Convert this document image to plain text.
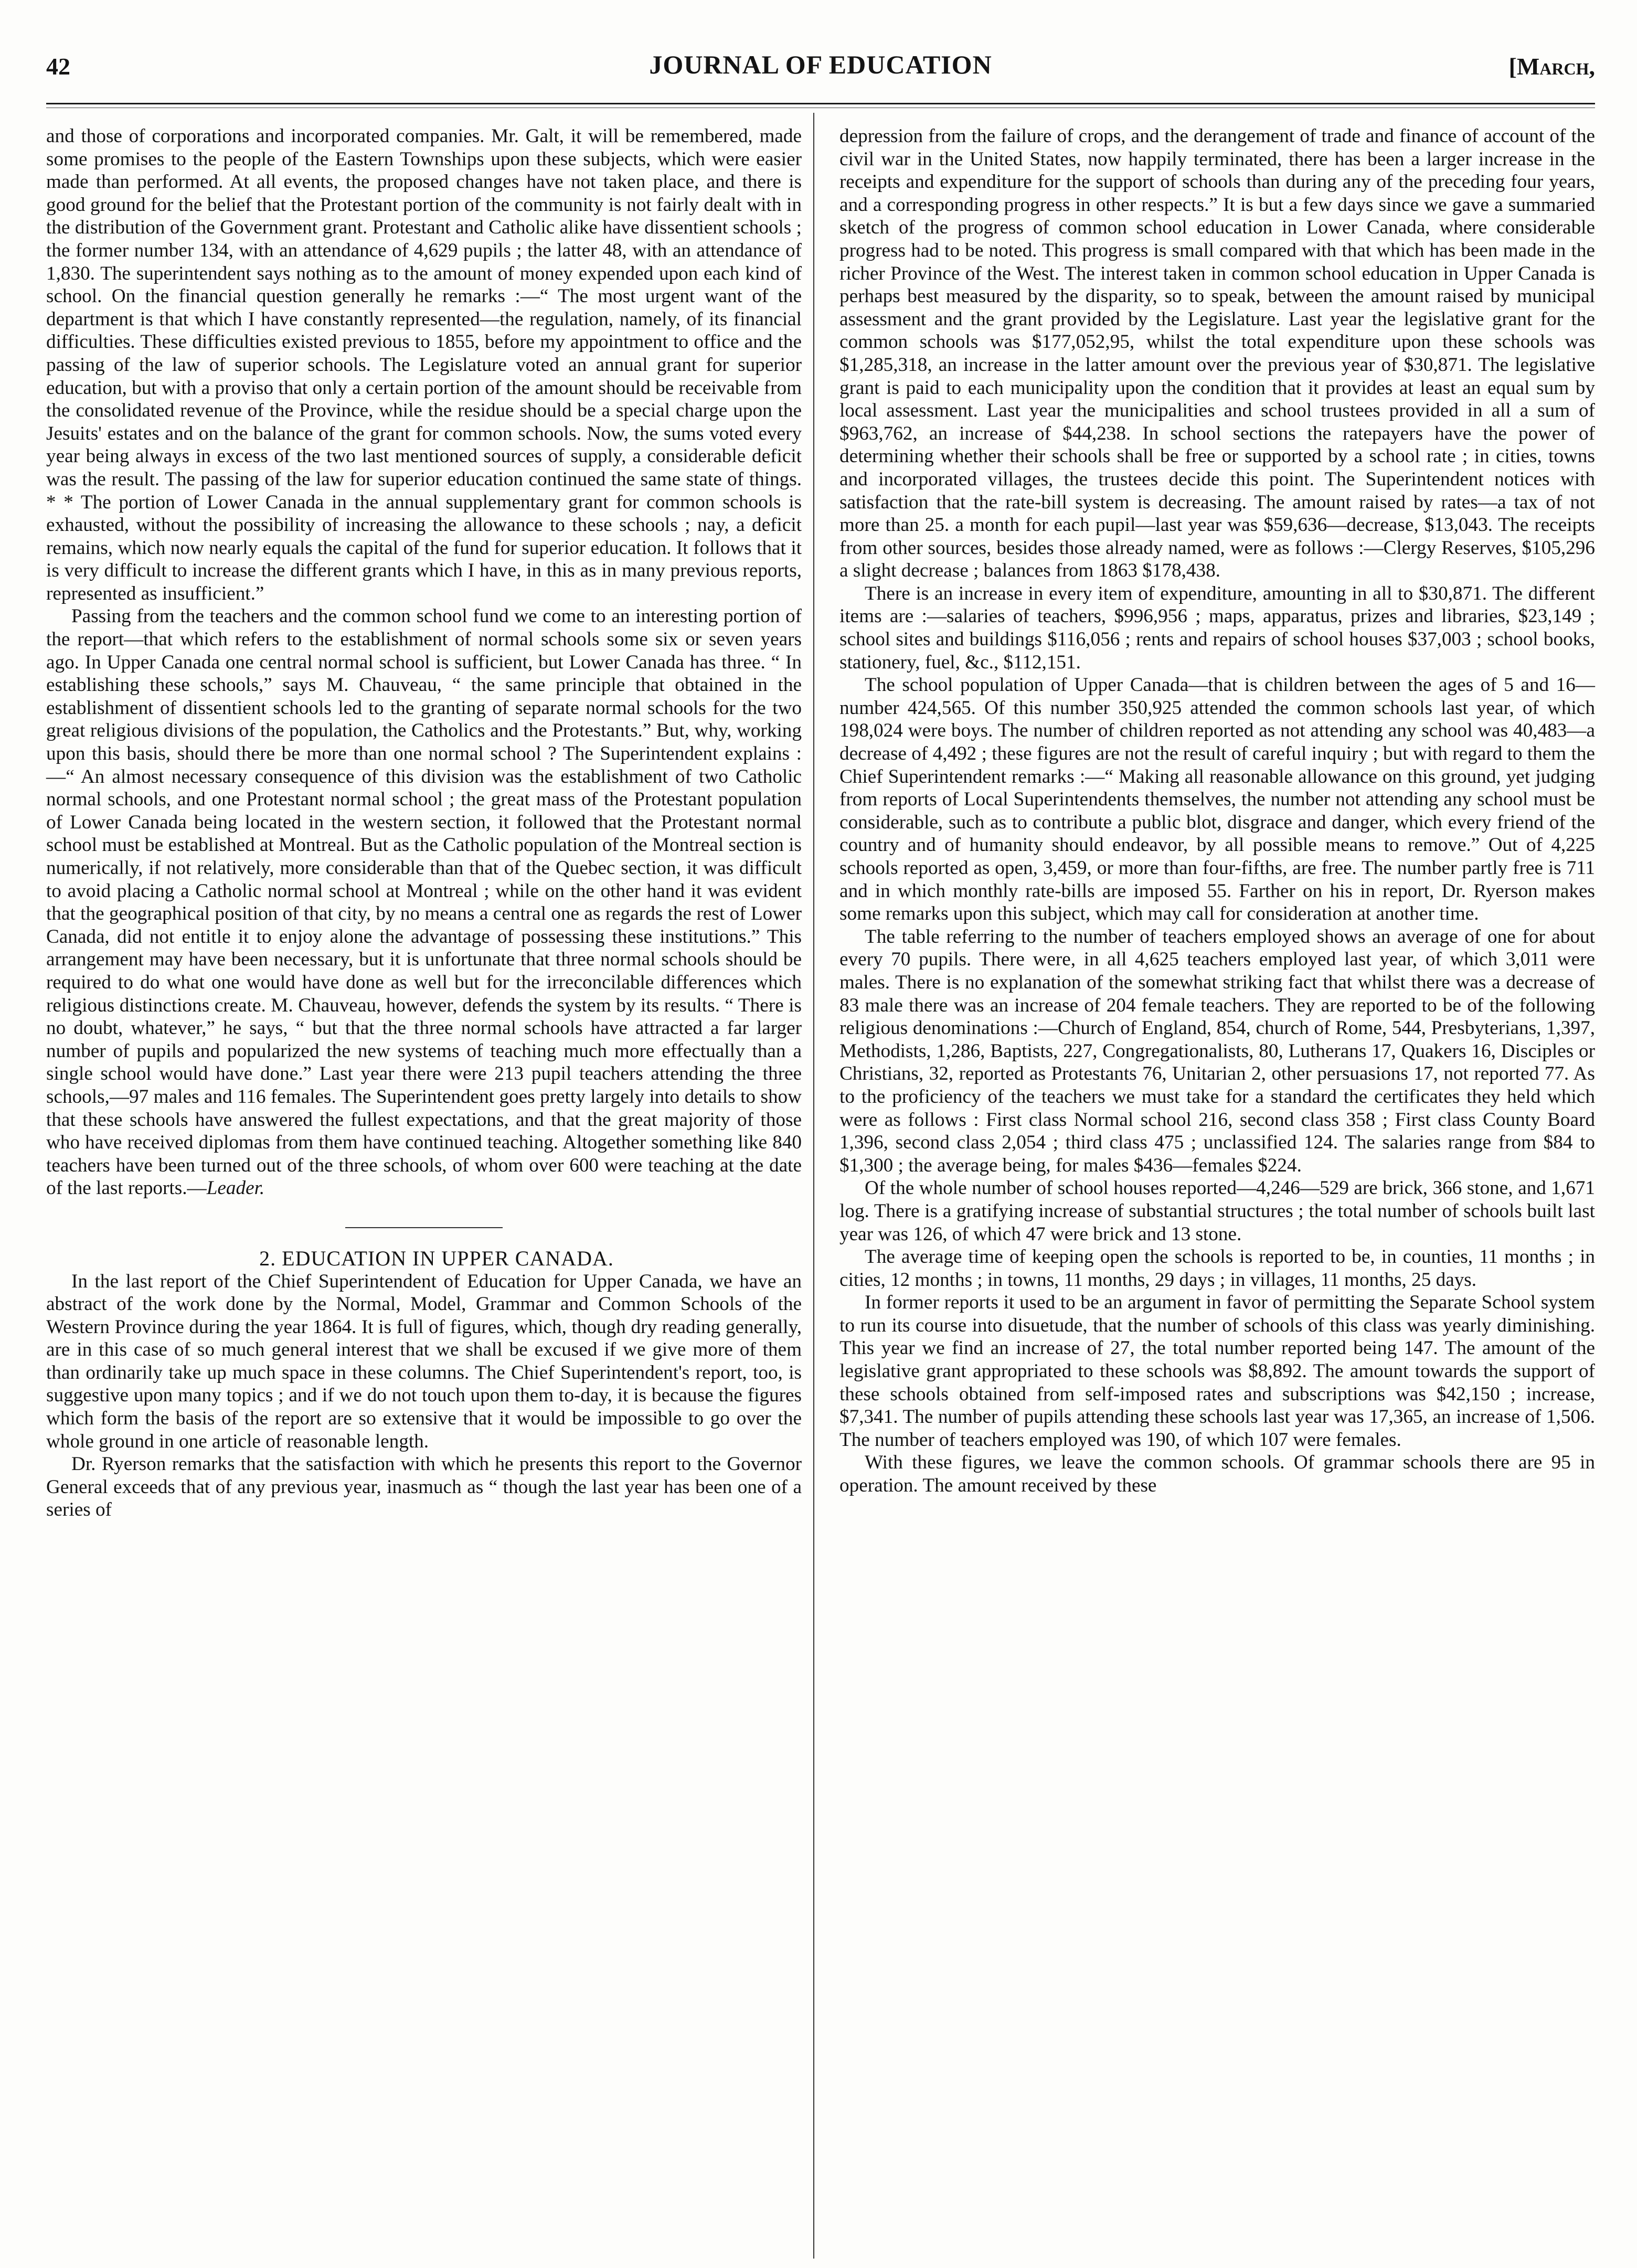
42	JOURNAL OF EDUCATION	[March,

and those of corporations and incorporated companies. Mr. Galt, it will be remembered, made some promises to the people of the Eastern Townships upon these subjects, which were easier made than performed. At all events, the proposed changes have not taken place, and there is good ground for the belief that the Protestant portion of the community is not fairly dealt with in the distribution of the Government grant. Protestant and Catholic alike have dissentient schools ; the former number 134, with an attendance of 4,629 pupils ; the latter 48, with an attendance of 1,830. The superintendent says nothing as to the amount of money expended upon each kind of school. On the financial question generally he remarks :—“ The most urgent want of the department is that which I have constantly represented—the regulation, namely, of its financial difficulties. These difficulties existed previous to 1855, before my appointment to office and the passing of the law of superior schools. The Legislature voted an annual grant for superior education, but with a proviso that only a certain portion of the amount should be receivable from the consolidated revenue of the Province, while the residue should be a special charge upon the Jesuits' estates and on the balance of the grant for common schools. Now, the sums voted every year being always in excess of the two last mentioned sources of supply, a considerable deficit was the result. The passing of the law for superior education continued the same state of things. * * The portion of Lower Canada in the annual supplementary grant for common schools is exhausted, without the possibility of increasing the allowance to these schools ; nay, a deficit remains, which now nearly equals the capital of the fund for superior education. It follows that it is very difficult to increase the different grants which I have, in this as in many previous reports, represented as insufficient.”

Passing from the teachers and the common school fund we come to an interesting portion of the report—that which refers to the establishment of normal schools some six or seven years ago. In Upper Canada one central normal school is sufficient, but Lower Canada has three. “ In establishing these schools,” says M. Chauveau, “ the same principle that obtained in the establishment of dissentient schools led to the granting of separate normal schools for the two great religious divisions of the population, the Catholics and the Protestants.” But, why, working upon this basis, should there be more than one normal school ? The Superintendent explains :—“ An almost necessary consequence of this division was the establishment of two Catholic normal schools, and one Protestant normal school ; the great mass of the Protestant population of Lower Canada being located in the western section, it followed that the Protestant normal school must be established at Montreal. But as the Catholic population of the Montreal section is numerically, if not relatively, more considerable than that of the Quebec section, it was difficult to avoid placing a Catholic normal school at Montreal ; while on the other hand it was evident that the geographical position of that city, by no means a central one as regards the rest of Lower Canada, did not entitle it to enjoy alone the advantage of possessing these institutions.” This arrangement may have been necessary, but it is unfortunate that three normal schools should be required to do what one would have done as well but for the irreconcilable differences which religious distinctions create. M. Chauveau, however, defends the system by its results. “ There is no doubt, whatever,” he says, “ but that the three normal schools have attracted a far larger number of pupils and popularized the new systems of teaching much more effectually than a single school would have done.” Last year there were 213 pupil teachers attending the three schools,—97 males and 116 females. The Superintendent goes pretty largely into details to show that these schools have answered the fullest expectations, and that the great majority of those who have received diplomas from them have continued teaching. Altogether something like 840 teachers have been turned out of the three schools, of whom over 600 were teaching at the date of the last reports.—Leader.

2. EDUCATION IN UPPER CANADA.

In the last report of the Chief Superintendent of Education for Upper Canada, we have an abstract of the work done by the Normal, Model, Grammar and Common Schools of the Western Province during the year 1864. It is full of figures, which, though dry reading generally, are in this case of so much general interest that we shall be excused if we give more of them than ordinarily take up much space in these columns. The Chief Superintendent's report, too, is suggestive upon many topics ; and if we do not touch upon them to-day, it is because the figures which form the basis of the report are so extensive that it would be impossible to go over the whole ground in one article of reasonable length.

Dr. Ryerson remarks that the satisfaction with which he presents this report to the Governor General exceeds that of any previous year, inasmuch as “ though the last year has been one of a series of

depression from the failure of crops, and the derangement of trade and finance of account of the civil war in the United States, now happily terminated, there has been a larger increase in the receipts and expenditure for the support of schools than during any of the preceding four years, and a corresponding progress in other respects.” It is but a few days since we gave a summaried sketch of the progress of common school education in Lower Canada, where considerable progress had to be noted. This progress is small compared with that which has been made in the richer Province of the West. The interest taken in common school education in Upper Canada is perhaps best measured by the disparity, so to speak, between the amount raised by municipal assessment and the grant provided by the Legislature. Last year the legislative grant for the common schools was $177,052,95, whilst the total expenditure upon these schools was $1,285,318, an increase in the latter amount over the previous year of $30,871. The legislative grant is paid to each municipality upon the condition that it provides at least an equal sum by local assessment. Last year the municipalities and school trustees provided in all a sum of $963,762, an increase of $44,238. In school sections the ratepayers have the power of determining whether their schools shall be free or supported by a school rate ; in cities, towns and incorporated villages, the trustees decide this point. The Superintendent notices with satisfaction that the rate-bill system is decreasing. The amount raised by rates—a tax of not more than 25. a month for each pupil—last year was $59,636—decrease, $13,043. The receipts from other sources, besides those already named, were as follows :—Clergy Reserves, $105,296 a slight decrease ; balances from 1863 $178,438.

There is an increase in every item of expenditure, amounting in all to $30,871. The different items are :—salaries of teachers, $996,956 ; maps, apparatus, prizes and libraries, $23,149 ; school sites and buildings $116,056 ; rents and repairs of school houses $37,003 ; school books, stationery, fuel, &c., $112,151.

The school population of Upper Canada—that is children between the ages of 5 and 16—number 424,565. Of this number 350,925 attended the common schools last year, of which 198,024 were boys. The number of children reported as not attending any school was 40,483—a decrease of 4,492 ; these figures are not the result of careful inquiry ; but with regard to them the Chief Superintendent remarks :—“ Making all reasonable allowance on this ground, yet judging from reports of Local Superintendents themselves, the number not attending any school must be considerable, such as to contribute a public blot, disgrace and danger, which every friend of the country and of humanity should endeavor, by all possible means to remove.” Out of 4,225 schools reported as open, 3,459, or more than four-fifths, are free. The number partly free is 711 and in which monthly rate-bills are imposed 55. Farther on his in report, Dr. Ryerson makes some remarks upon this subject, which may call for consideration at another time.

The table referring to the number of teachers employed shows an average of one for about every 70 pupils. There were, in all 4,625 teachers employed last year, of which 3,011 were males. There is no explanation of the somewhat striking fact that whilst there was a decrease of 83 male there was an increase of 204 female teachers. They are reported to be of the following religious denominations :—Church of England, 854, church of Rome, 544, Presbyterians, 1,397, Methodists, 1,286, Baptists, 227, Congregationalists, 80, Lutherans 17, Quakers 16, Disciples or Christians, 32, reported as Protestants 76, Unitarian 2, other persuasions 17, not reported 77. As to the proficiency of the teachers we must take for a standard the certificates they held which were as follows : First class Normal school 216, second class 358 ; First class County Board 1,396, second class 2,054 ; third class 475 ; unclassified 124. The salaries range from $84 to $1,300 ; the average being, for males $436—females $224.

Of the whole number of school houses reported—4,246—529 are brick, 366 stone, and 1,671 log. There is a gratifying increase of substantial structures ; the total number of schools built last year was 126, of which 47 were brick and 13 stone.

The average time of keeping open the schools is reported to be, in counties, 11 months ; in cities, 12 months ; in towns, 11 months, 29 days ; in villages, 11 months, 25 days.

In former reports it used to be an argument in favor of permitting the Separate School system to run its course into disuetude, that the number of schools of this class was yearly diminishing. This year we find an increase of 27, the total number reported being 147. The amount of the legislative grant appropriated to these schools was $8,892. The amount towards the support of these schools obtained from self-imposed rates and subscriptions was $42,150 ; increase, $7,341. The number of pupils attending these schools last year was 17,365, an increase of 1,506. The number of teachers employed was 190, of which 107 were females.

With these figures, we leave the common schools. Of grammar schools there are 95 in operation. The amount received by these
